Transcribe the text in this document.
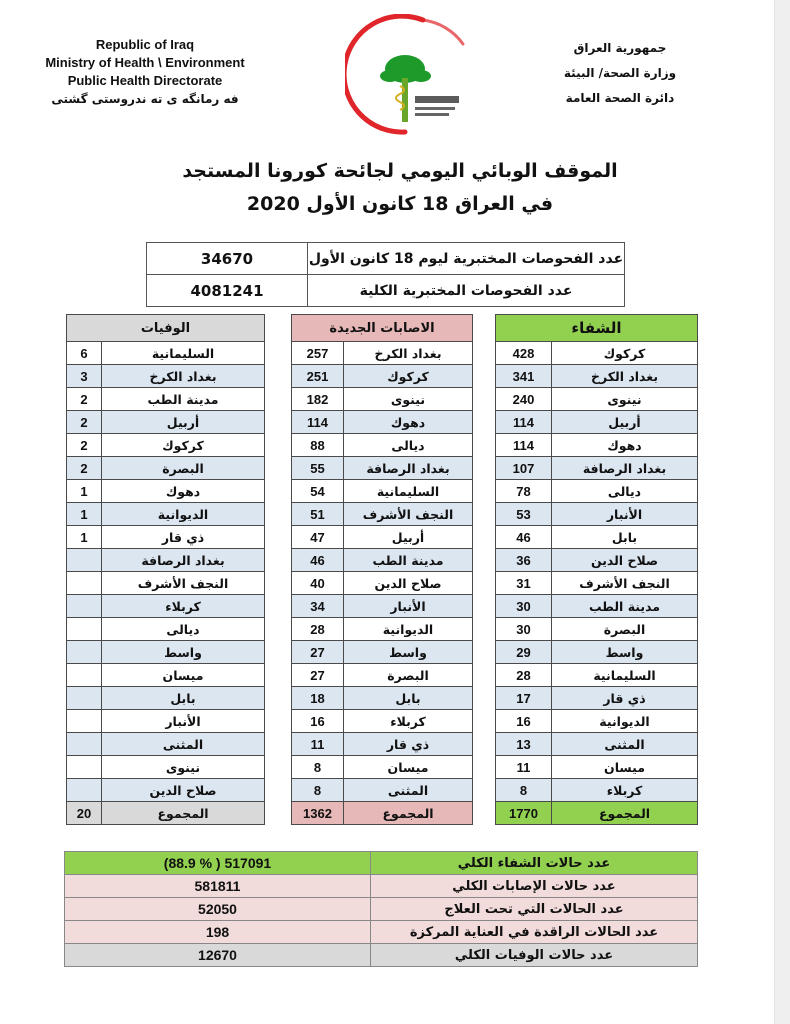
Republic of Iraq
Ministry of Health \ Environment
Public Health Directorate
فه رمانگه ى ته ندروستى گشتى
جمهورية العراق
وزارة الصحة/ البيئة
دائرة الصحة العامة
الموقف الوبائي اليومي لجائحة كورونا المستجد
في العراق 18 كانون الأول 2020
34670	عدد الفحوصات المختبرية ليوم 18 كانون الأول
4081241	عدد الفحوصات المختبرية الكلية
الوفيات	
6	السليمانية
3	بغداد الكرخ
2	مدينة الطب
2	أربيل
2	كركوك
2	البصرة
1	دهوك
1	الديوانية
1	ذي قار
	بغداد الرصافة
	النجف الأشرف
	كربلاء
	ديالى
	واسط
	ميسان
	بابل
	الأنبار
	المثنى
	نينوى
	صلاح الدين
20	المجموع
الاصابات الجديدة	
257	بغداد الكرخ
251	كركوك
182	نينوى
114	دهوك
88	ديالى
55	بغداد الرصافة
54	السليمانية
51	النجف الأشرف
47	أربيل
46	مدينة الطب
40	صلاح الدين
34	الأنبار
28	الديوانية
27	واسط
27	البصرة
18	بابل
16	كربلاء
11	ذي قار
8	ميسان
8	المثنى
1362	المجموع
الشفاء	
428	كركوك
341	بغداد الكرخ
240	نينوى
114	أربيل
114	دهوك
107	بغداد الرصافة
78	ديالى
53	الأنبار
46	بابل
36	صلاح الدين
31	النجف الأشرف
30	مدينة الطب
30	البصرة
29	واسط
28	السليمانية
17	ذي قار
16	الديوانية
13	المثنى
11	ميسان
8	كربلاء
1770	المجموع
(88.9 % ) 517091	عدد حالات الشفاء الكلي
581811	عدد حالات الإصابات الكلي
52050	عدد الحالات التي تحت العلاج
198	عدد الحالات الراقدة في العناية المركزة
12670	عدد حالات الوفيات الكلي
